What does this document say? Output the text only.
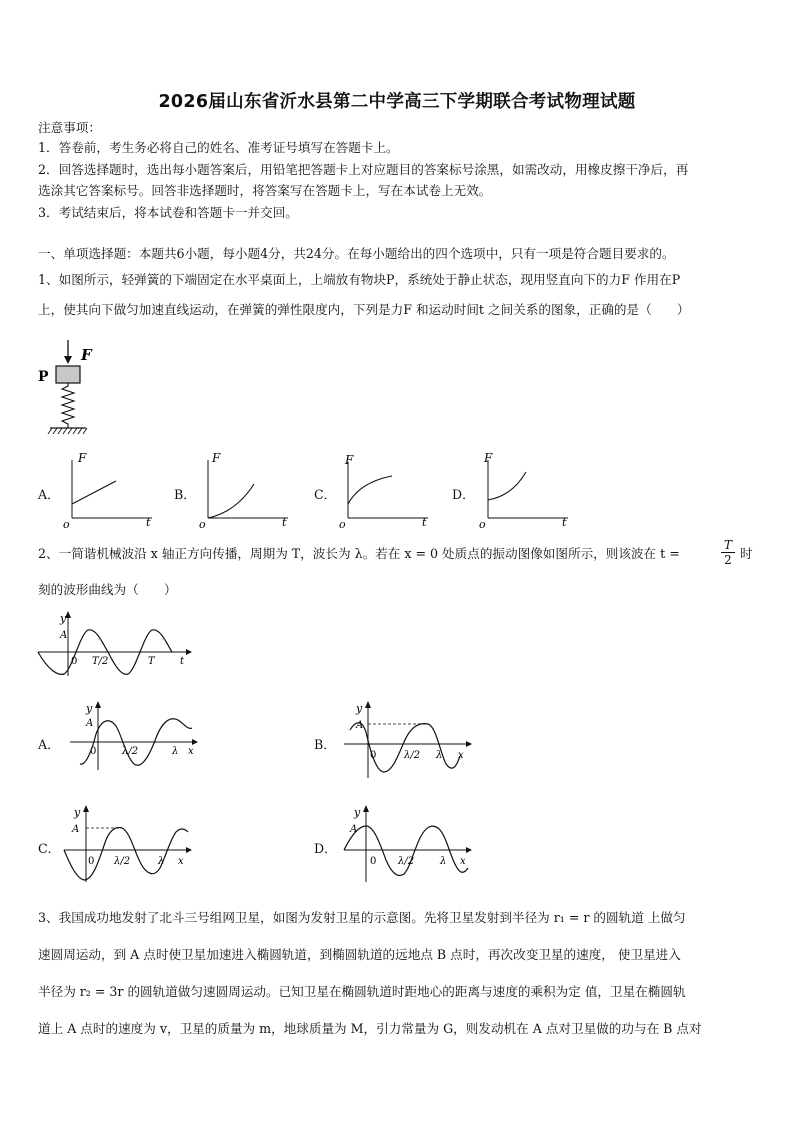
2026届山东省沂水县第二中学高三下学期联合考试物理试题
注意事项：
1．答卷前，考生务必将自己的姓名、准考证号填写在答题卡上。
2．回答选择题时，选出每小题答案后，用铅笔把答题卡上对应题目的答案标号涂黑，如需改动，用橡皮擦干净后，再
选涂其它答案标号。回答非选择题时，将答案写在答题卡上，写在本试卷上无效。
3．考试结束后，将本试卷和答题卡一并交回。
一、单项选择题：本题共6小题，每小题4分，共24分。在每小题给出的四个选项中，只有一项是符合题目要求的。
1、如图所示，轻弹簧的下端固定在水平桌面上，上端放有物块P，系统处于静止状态，现用竖直向下的力F 作用在P
上，使其向下做匀加速直线运动，在弹簧的弹性限度内，下列是力F 和运动时间t 之间关系的图象，正确的是（　　）
F
P
A．
F
o	t
B．
F
o	t
C．
F
o	t
D．
F
o	t
2、一简谐机械波沿 x 轴正方向传播，周期为 T，波长为 λ。若在 x = 0 处质点的振动图像如图所示，则该波在 t =
T
2 时
刻的波形曲线为（　　）
y
A
0 T/2	T	t
A．
y
A
0	λ/2	λ x	B．
y
A
0	λ/2 λ x
C．
y
A
0 λ/2	λ x
D．
y
A
0 λ/2	λ x
3、我国成功地发射了北斗三号组网卫星，如图为发射卫星的示意图。先将卫星发射到半径为 r₁ = r 的圆轨道 上做匀
速圆周运动，到 A 点时使卫星加速进入椭圆轨道，到椭圆轨道的远地点 B 点时，再次改变卫星的速度， 使卫星进入
半径为 r₂ = 3r 的圆轨道做匀速圆周运动。已知卫星在椭圆轨道时距地心的距离与速度的乘积为定 值，卫星在椭圆轨
道上 A 点时的速度为 v，卫星的质量为 m，地球质量为 M，引力常量为 G，则发动机在 A 点对卫星做的功与在 B 点对
